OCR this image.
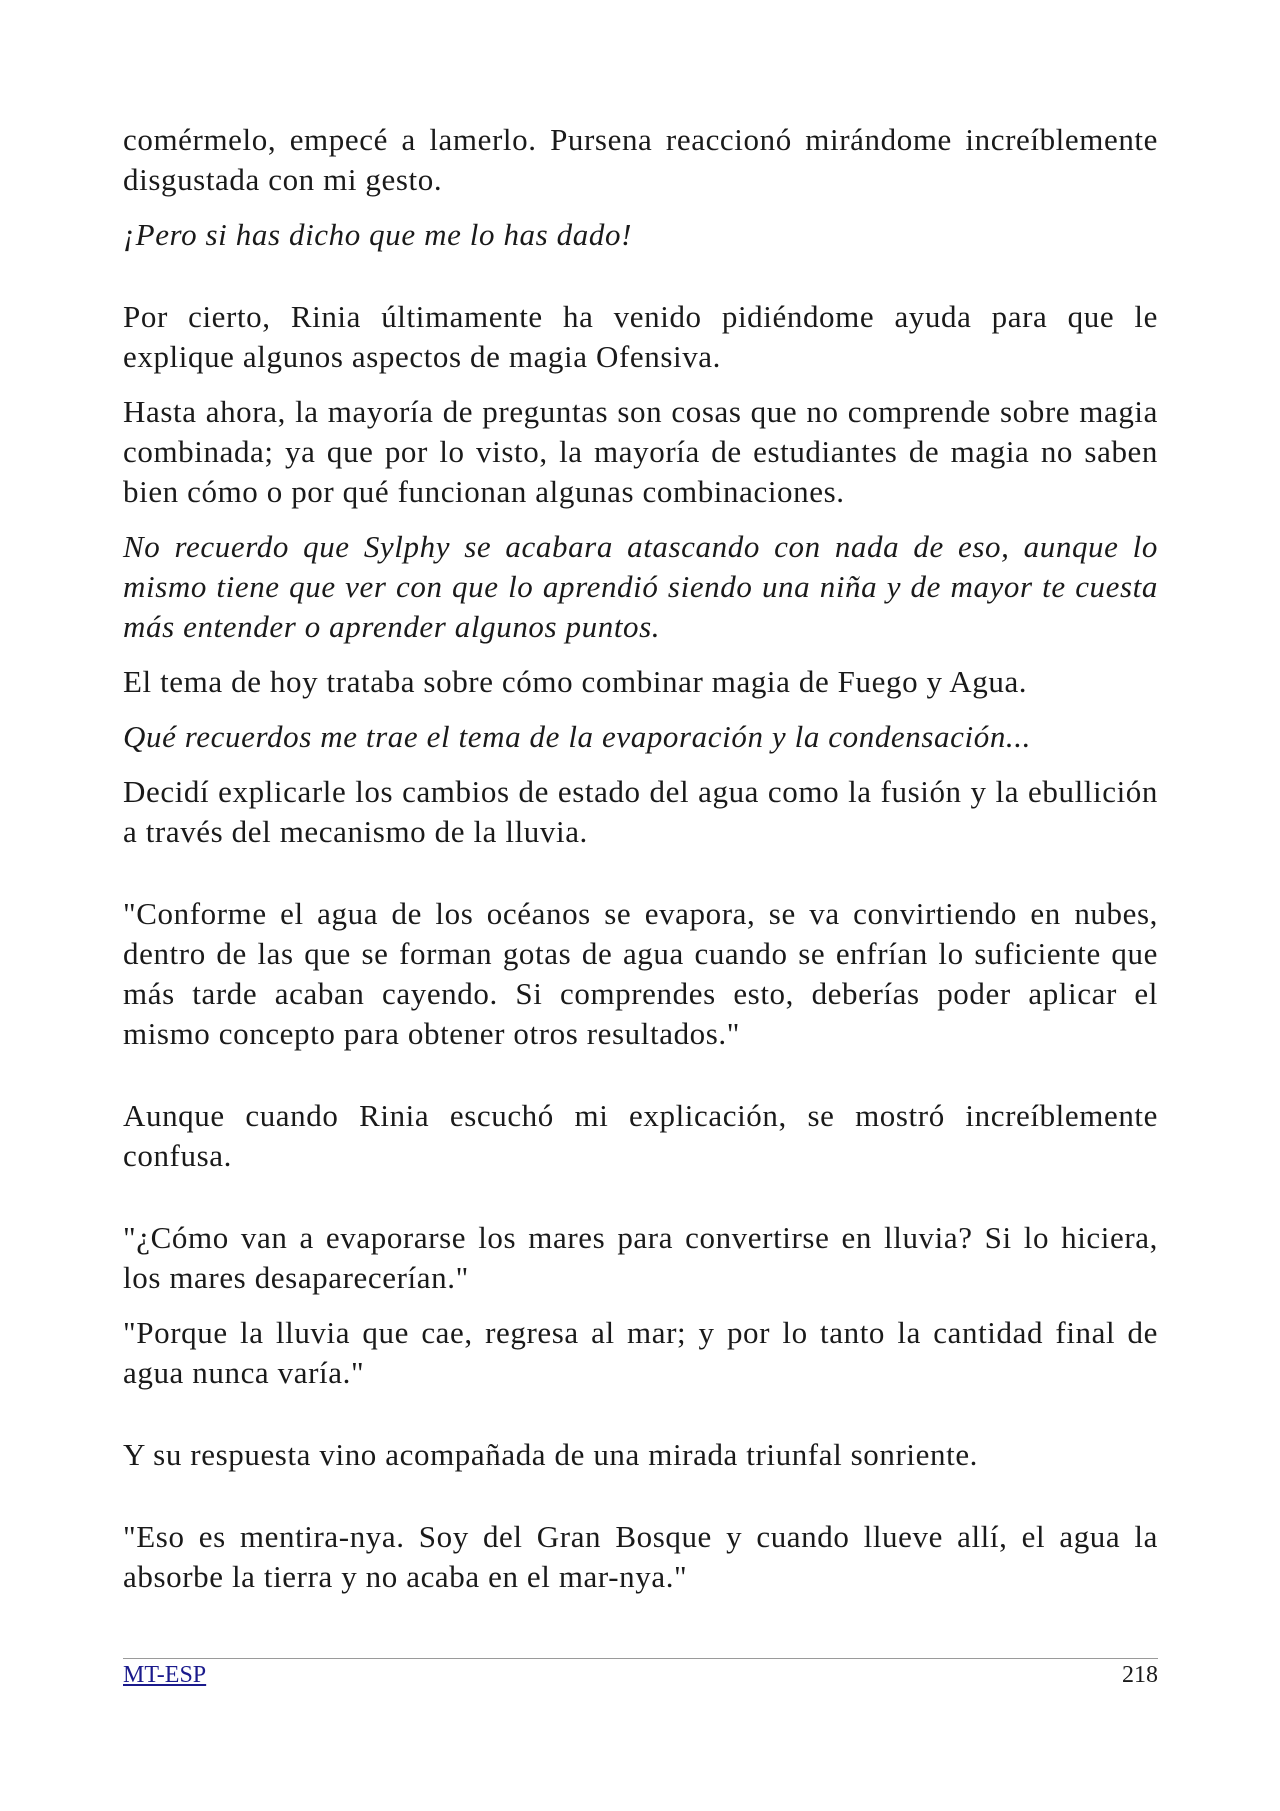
comérmelo, empecé a lamerlo. Pursena reaccionó mirándome increíblemente disgustada con mi gesto.

¡Pero si has dicho que me lo has dado!

Por cierto, Rinia últimamente ha venido pidiéndome ayuda para que le explique algunos aspectos de magia Ofensiva.

Hasta ahora, la mayoría de preguntas son cosas que no comprende sobre magia combinada; ya que por lo visto, la mayoría de estudiantes de magia no saben bien cómo o por qué funcionan algunas combinaciones.

No recuerdo que Sylphy se acabara atascando con nada de eso, aunque lo mismo tiene que ver con que lo aprendió siendo una niña y de mayor te cuesta más entender o aprender algunos puntos.

El tema de hoy trataba sobre cómo combinar magia de Fuego y Agua.

Qué recuerdos me trae el tema de la evaporación y la condensación...

Decidí explicarle los cambios de estado del agua como la fusión y la ebullición a través del mecanismo de la lluvia.

"Conforme el agua de los océanos se evapora, se va convirtiendo en nubes, dentro de las que se forman gotas de agua cuando se enfrían lo suficiente que más tarde acaban cayendo. Si comprendes esto, deberías poder aplicar el mismo concepto para obtener otros resultados."

Aunque cuando Rinia escuchó mi explicación, se mostró increíblemente confusa.

"¿Cómo van a evaporarse los mares para convertirse en lluvia? Si lo hiciera, los mares desaparecerían."

"Porque la lluvia que cae, regresa al mar; y por lo tanto la cantidad final de agua nunca varía."

Y su respuesta vino acompañada de una mirada triunfal sonriente.

"Eso es mentira-nya. Soy del Gran Bosque y cuando llueve allí, el agua la absorbe la tierra y no acaba en el mar-nya."

MT-ESP	218
